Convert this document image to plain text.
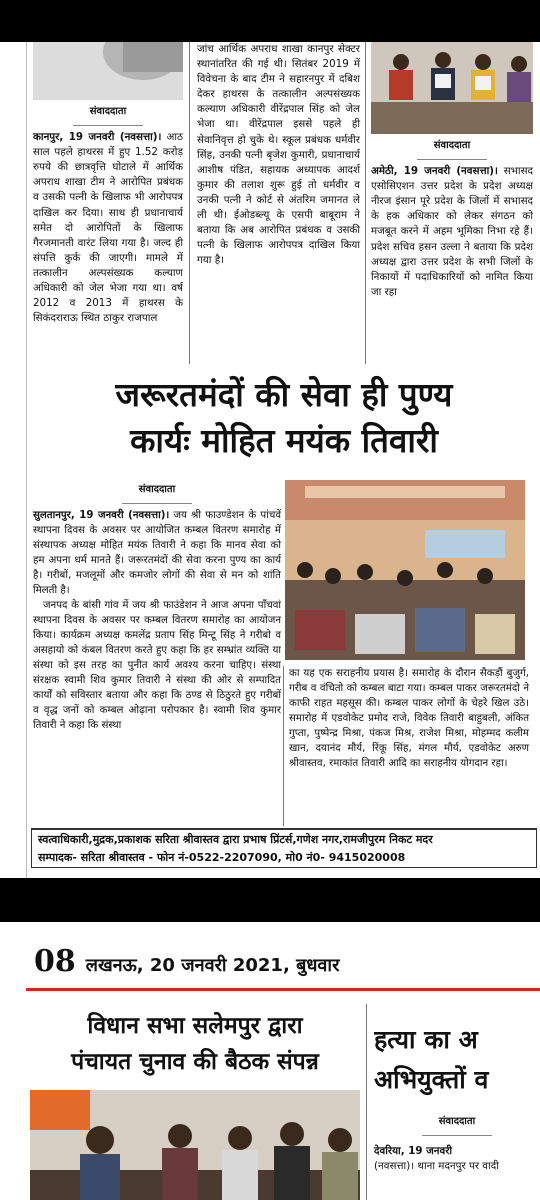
संवाददाता

कानपुर, 19 जनवरी (नवसत्ता)। आठ साल पहले हाथरस में हुए 1.52 करोड़ रुपये की छात्रवृत्ति घोटाले में आर्थिक अपराध शाखा टीम ने आरोपित प्रबंधक व उसकी पत्नी के खिलाफ भी आरोपपत्र दाखिल कर दिया। साथ ही प्रधानाचार्य समेत दो आरोपितों के खिलाफ गैरजमानती वारंट लिया गया है। जल्द ही संपत्ति कुर्क की जाएगी। मामले में तत्कालीन अल्पसंख्यक कल्याण अधिकारी को जेल भेजा गया था। वर्ष 2012 व 2013 में हाथरस के सिकंदराराऊ स्थित ठाकुर राजपाल

जांच आर्थिक अपराध शाखा कानपुर सेक्टर स्थानांतरित की गई थी। सितंबर 2019 में विवेचना के बाद टीम ने सहारनपुर में दबिश देकर हाथरस के तत्कालीन अल्पसंख्यक कल्याण अधिकारी वीरेंद्रपाल सिंह को जेल भेजा था। वीरेंद्रपाल इससे पहले ही सेवानिवृत्त हो चुके थे। स्कूल प्रबंधक धर्मवीर सिंह, उनकी पत्नी बृजेश कुमारी, प्रधानाचार्य आशीष पंडित, सहायक अध्यापक आदर्श कुमार की तलाश शुरू हुई तो धर्मवीर व उनकी पत्नी ने कोर्ट से अंतरिम जमानत ले ली थी। ईओडब्ल्यू के एसपी बाबूराम ने बताया कि अब आरोपित प्रबंधक व उसकी पत्नी के खिलाफ आरोपपत्र दाखिल किया गया है।

संवाददाता

अमेठी, 19 जनवरी (नवसत्ता)। सभासद एसोसिएशन उत्तर प्रदेश के प्रदेश अध्यक्ष नीरज इंसान पूरे प्रदेश के जिलों में सभासद के हक अधिकार को लेकर संगठन को मजबूत करने में अहम भूमिका निभा रहे हैं। प्रदेश सचिव हसन उल्ला ने बताया कि प्रदेश अध्यक्ष द्वारा उत्तर प्रदेश के सभी जिलों के निकायों में पदाधिकारियों को नामित किया जा रहा

जरूरतमंदों की सेवा ही पुण्य
कार्यः मोहित मयंक तिवारी
संवाददाता

सुलतानपुर, 19 जनवरी (नवसत्ता)। जय श्री फाउण्डेशन के पांचवें स्थापना दिवस के अवसर पर आयोजित कम्बल वितरण समारोह में संस्थापक अध्यक्ष मोहित मयंक तिवारी ने कहा कि मानव सेवा को हम अपना धर्म मानते हैं। जरूरतमंदों की सेवा करना पुण्य का कार्य है। गरीबों, मजलूमों और कमजोर लोगों की सेवा से मन को शांति मिलती है।

जनपद के बांसी गांव में जय श्री फाउंडेशन ने आज अपना पाँचवां स्थापना दिवस के अवसर पर कम्बल वितरण समारोह का आयोजन किया। कार्यक्रम अध्यक्ष कमलेंद्र प्रताप सिंह मिन्टू सिंह ने गरीबो व असहायो को कंबल वितरण करते हुए कहा कि हर सम्भ्रांत व्यक्ति या संस्था को इस तरह का पुनीत कार्य अवश्य करना चाहिए। संस्था संरक्षक स्वामी शिव कुमार तिवारी ने संस्था की ओर से सम्पादित कार्यों को सविस्तार बताया और कहा कि ठण्ड से ठिठुरते हुए गरीबों व वृद्ध जनों को कम्बल ओढ़ाना परोपकार है। स्वामी शिव कुमार तिवारी ने कहा कि संस्था

का यह एक सराहनीय प्रयास है। समारोह के दौरान सैकड़ौं बुजुर्ग, गरीब व वंचितो को कम्बल बाटा गया। कम्बल पाकर जरूरतमंदो ने काफी राहत महसूस की। कम्बल पाकर लोगों के चेहरे खिल उठे। समारोह में एडवोकेट प्रमोद राजे, विवेक तिवारी बाहुबली, अंकित गुप्ता, पुष्पेन्द्र मिश्रा, पंकज मिश्र, राजेश मिश्रा, मोहम्मद कलीम खान, दयानंद मौर्य, रिंकू सिंह, मंगल मौर्य, एडवोकेट अरुण श्रीवास्तव, रमाकांत तिवारी आदि का सराहनीय योगदान रहा।

स्वत्वाधिकारी,मुद्रक,प्रकाशक सरिता श्रीवास्तव द्वारा प्रभाष प्रिंटर्स,गणेश नगर,रामजीपुरम निकट मदर
सम्पादक- सरिता श्रीवास्तव - फोन नं-0522-2207090, मो0 नं0- 9415020008
08 लखनऊ, 20 जनवरी 2021, बुधवार
विधान सभा सलेमपुर द्वारा
पंचायत चुनाव की बैठक संपन्न
हत्या का अ
अभियुक्तों व
संवाददाता

देवरिया, 19 जनवरी

(नवसत्ता)। थाना मदनपुर पर वादी
